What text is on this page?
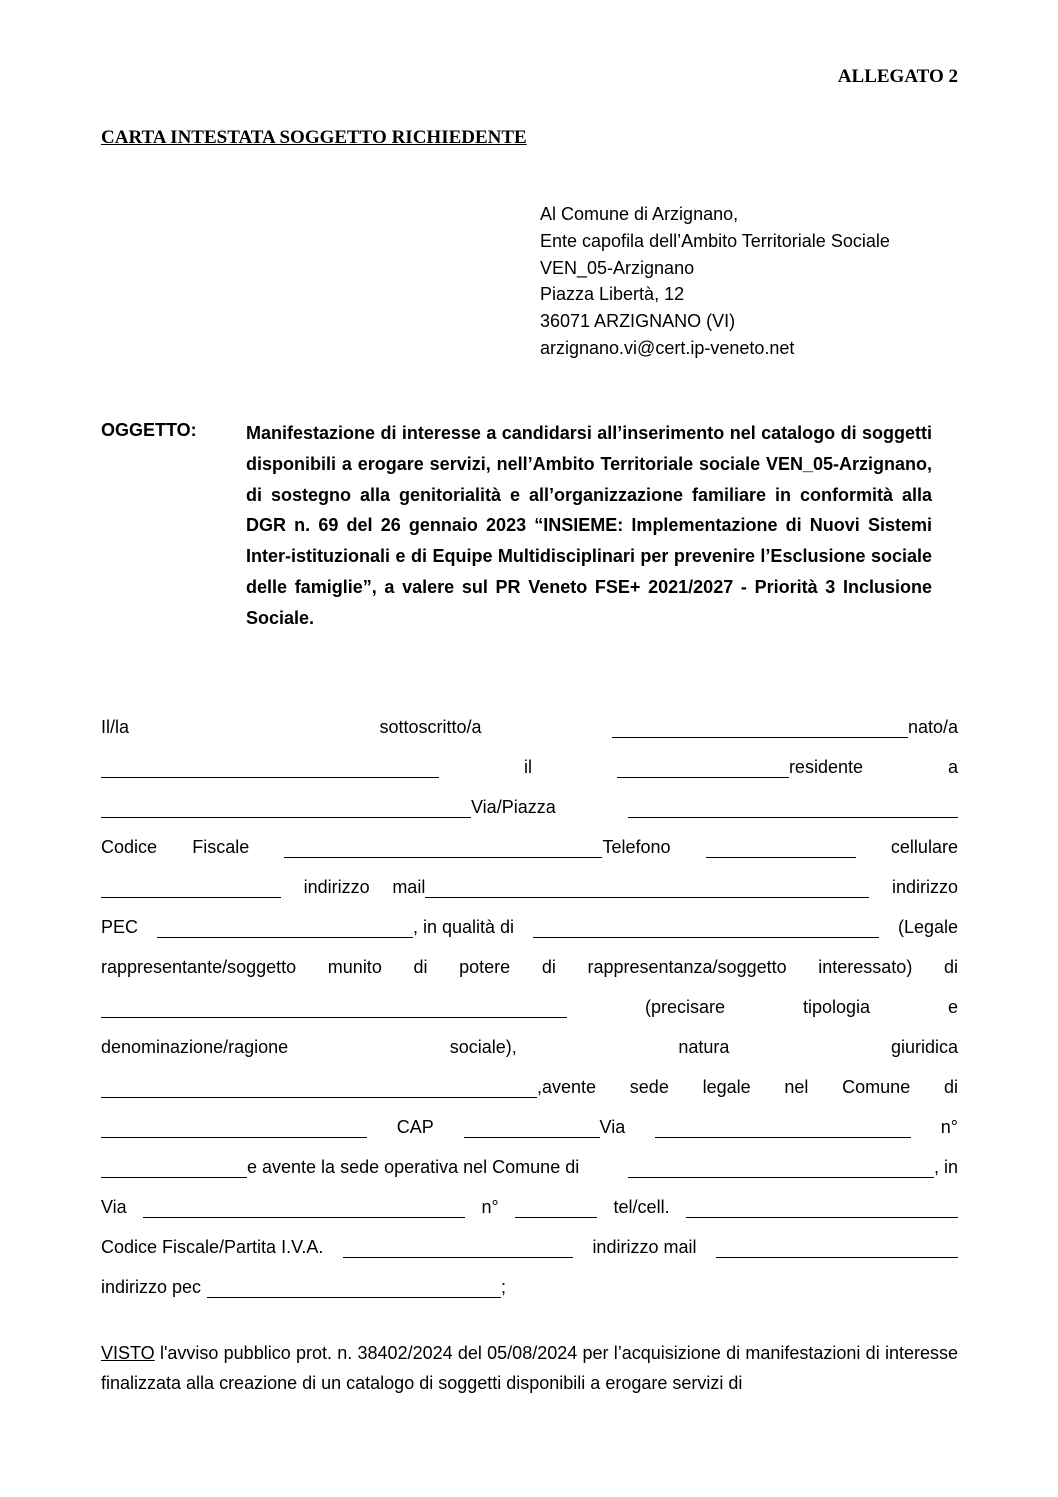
ALLEGATO 2
CARTA INTESTATA SOGGETTO RICHIEDENTE
Al Comune di Arzignano,
Ente capofila dell’Ambito Territoriale Sociale
VEN_05-Arzignano
Piazza Libertà, 12
36071 ARZIGNANO (VI)
arzignano.vi@cert.ip-veneto.net
OGGETTO:	Manifestazione di interesse a candidarsi all’inserimento nel catalogo di soggetti disponibili a erogare servizi, nell’Ambito Territoriale sociale VEN_05-Arzignano, di sostegno alla genitorialità e all’organizzazione familiare in conformità alla DGR n. 69 del 26 gennaio 2023 “INSIEME: Implementazione di Nuovi Sistemi Inter-istituzionali e di Equipe Multidisciplinari per prevenire l’Esclusione sociale delle famiglie”, a valere sul PR Veneto FSE+ 2021/2027 - Priorità 3 Inclusione Sociale.
Il/la	sottoscritto/a	nato/a
il	residente	a
Via/Piazza
Codice Fiscale	Telefono	cellulare
indirizzo mail	indirizzo
PEC	, in qualità di	(Legale
rappresentante/soggetto munito di potere di rappresentanza/soggetto interessato) di
(precisare	tipologia	e
denominazione/ragione	sociale),	natura	giuridica
,avente sede legale nel Comune di
CAP	Via	n°
e avente la sede operativa nel Comune di	, in
Via	n°	tel/cell.
Codice Fiscale/Partita I.V.A.	indirizzo mail
indirizzo pec	;
VISTO l'avviso pubblico prot. n. 38402/2024 del 05/08/2024 per l’acquisizione di manifestazioni di interesse finalizzata alla creazione di un catalogo di soggetti disponibili a erogare servizi di
